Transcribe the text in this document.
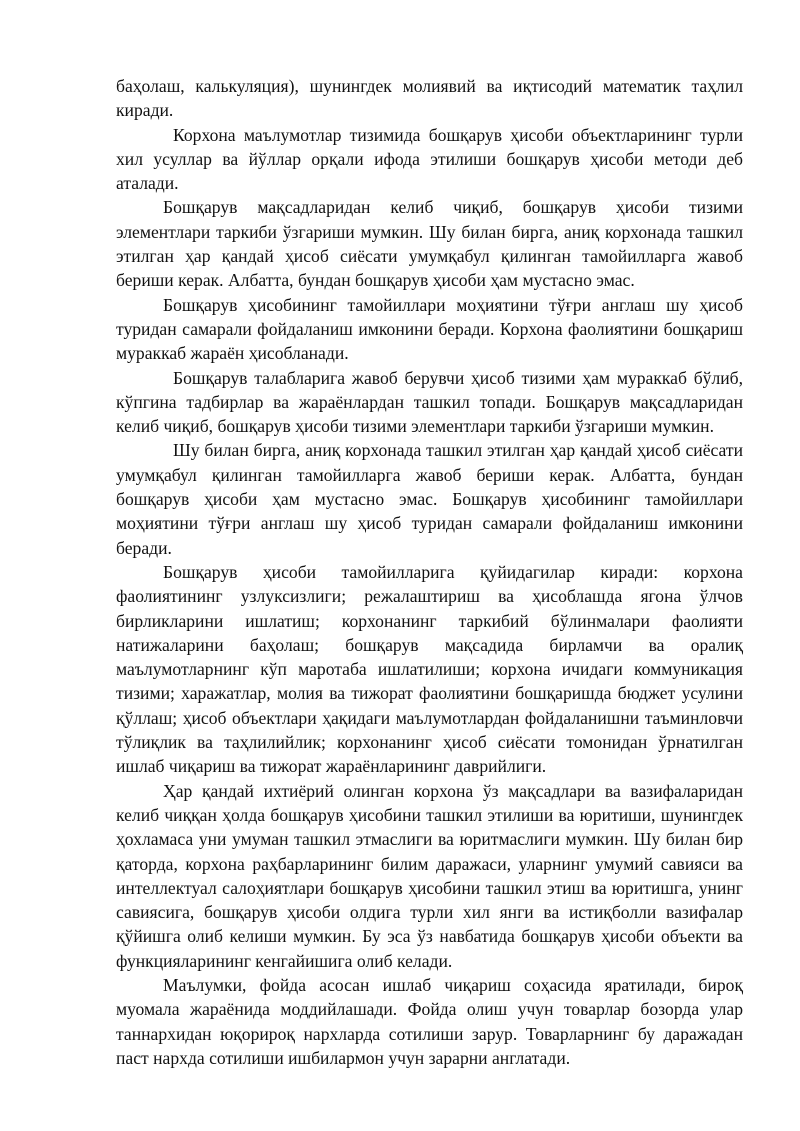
баҳолаш, калькуляция), шунингдек молиявий ва иқтисодий математик таҳлил киради.

Корхона маълумотлар тизимида бошқарув ҳисоби объектларининг турли хил усуллар ва йўллар орқали ифода этилиши бошқарув ҳисоби методи деб аталади.

Бошқарув мақсадларидан келиб чиқиб, бошқарув ҳисоби тизими элементлари таркиби ўзгариши мумкин. Шу билан бирга, аниқ корхонада ташкил этилган ҳар қандай ҳисоб сиёсати умумқабул қилинган тамойилларга жавоб бериши керак. Албатта, бундан бошқарув ҳисоби ҳам мустасно эмас.

Бошқарув ҳисобининг тамойиллари моҳиятини тўғри англаш шу ҳисоб туридан самарали фойдаланиш имконини беради. Корхона фаолиятини бошқариш мураккаб жараён ҳисобланади.

Бошқарув талабларига жавоб берувчи ҳисоб тизими ҳам мураккаб бўлиб, кўпгина тадбирлар ва жараёнлардан ташкил топади. Бошқарув мақсадларидан келиб чиқиб, бошқарув ҳисоби тизими элементлари таркиби ўзгариши мумкин.

Шу билан бирга, аниқ корхонада ташкил этилган ҳар қандай ҳисоб сиёсати умумқабул қилинган тамойилларга жавоб бериши керак. Албатта, бундан бошқарув ҳисоби ҳам мустасно эмас. Бошқарув ҳисобининг тамойиллари моҳиятини тўғри англаш шу ҳисоб туридан самарали фойдаланиш имконини беради.

Бошқарув ҳисоби тамойилларига қуйидагилар киради: корхона фаолиятининг узлуксизлиги; режалаштириш ва ҳисоблашда ягона ўлчов бирликларини ишлатиш; корхонанинг таркибий бўлинмалари фаолияти натижаларини баҳолаш; бошқарув мақсадида бирламчи ва оралиқ маълумотларнинг кўп маротаба ишлатилиши; корхона ичидаги коммуникация тизими; харажатлар, молия ва тижорат фаолиятини бошқаришда бюджет усулини қўллаш; ҳисоб объектлари ҳақидаги маълумотлардан фойдаланишни таъминловчи тўлиқлик ва таҳлилийлик; корхонанинг ҳисоб сиёсати томонидан ўрнатилган ишлаб чиқариш ва тижорат жараёнларининг даврийлиги.

Ҳар қандай ихтиёрий олинган корхона ўз мақсадлари ва вазифаларидан келиб чиққан ҳолда бошқарув ҳисобини ташкил этилиши ва юритиши, шунингдек ҳохламаса уни умуман ташкил этмаслиги ва юритмаслиги мумкин. Шу билан бир қаторда, корхона раҳбарларининг билим даражаси, уларнинг умумий савияси ва интеллектуал салоҳиятлари бошқарув ҳисобини ташкил этиш ва юритишга, унинг савиясига, бошқарув ҳисоби олдига турли хил янги ва истиқболли вазифалар қўйишга олиб келиши мумкин. Бу эса ўз навбатида бошқарув ҳисоби объекти ва функцияларининг кенгайишига олиб келади.

Маълумки, фойда асосан ишлаб чиқариш соҳасида яратилади, бироқ муомала жараёнида моддийлашади. Фойда олиш учун товарлар бозорда улар таннархидан юқорироқ нархларда сотилиши зарур. Товарларнинг бу даражадан паст нархда сотилиши ишбилармон учун зарарни англатади.
